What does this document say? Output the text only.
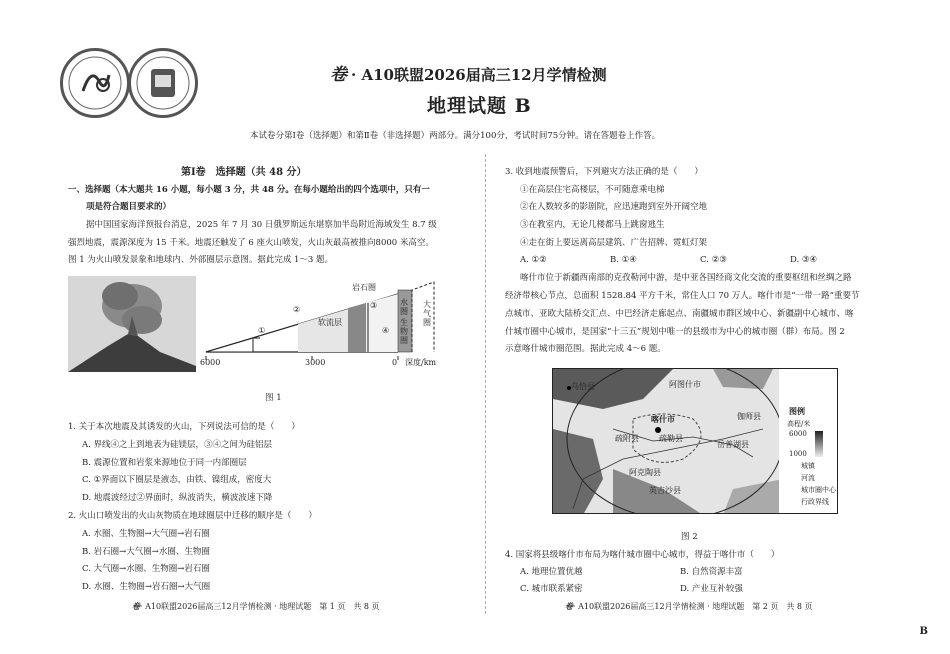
卷 · A10联盟2026届高三12月学情检测
地理试题 B
本试卷分第Ⅰ卷（选择题）和第Ⅱ卷（非选择题）两部分。满分100分，考试时间75分钟。请在答题卷上作答。
第Ⅰ卷　选择题（共 48 分）
一、选择题（本大题共 16 小题，每小题 3 分，共 48 分。在每小题给出的四个选项中，只有一
项是符合题目要求的）
据中国国家海洋预报台消息，2025 年 7 月 30 日俄罗斯远东堪察加半岛附近海域发生 8.7 级
强烈地震，震源深度为 15 千米。地震还触发了 6 座火山喷发，火山灰最高被推向8000 米高空。
图 1 为火山喷发景象和地球内、外部圈层示意图。据此完成 1～3 题。
①
②	③
④
岩石圈
软流层
水圈
生物圈
大气圈
6000	3000	0 深度/km
图 1
1. 关于本次地震及其诱发的火山，下列说法可信的是（　　）
A. 界线④之上到地表为硅镁层，③④之间为硅铝层
B. 震源位置和岩浆来源地位于同一内部圈层
C. ①界面以下圈层是液态，由铁、镍组成，密度大
D. 地震波经过②界面时，纵波消失，横波波速下降
2. 火山口喷发出的火山灰物质在地球圈层中迁移的顺序是（　　）
A. 水圈、生物圈→大气圈→岩石圈
B. 岩石圈→大气圈→水圈、生物圈
C. 大气圈→水圈、生物圈→岩石圈
D. 水圈、生物圈→岩石圈→大气圈
卷· A10联盟2026届高三12月学情检测 · 地理试题　第 1 页　共 8 页
3. 收到地震预警后，下列避灾方法正确的是（　　）
①在高层住宅高楼层，不可随意乘电梯
②在人数较多的影剧院，应迅速跑到室外开阔空地
③在教室内，无论几楼都马上跳窗逃生
④走在街上要远离高层建筑、广告招牌、霓虹灯架
A. ①②	B. ①④	C. ②③	D. ③④
喀什市位于新疆西南部的克孜勒河中游，是中亚各国经商文化交流的重要枢纽和丝绸之路
经济带核心节点，总面积 1528.84 平方千米，常住人口 70 万人。喀什市是“一带一路”重要节
点城市、亚欧大陆桥交汇点、中巴经济走廊起点、南疆城市群区域中心、新疆副中心城市、喀
什城市圈中心城市，是国家“十三五”规划中唯一的县级市为中心的城市圈（群）布局。图 2
示意喀什城市圈范围。据此完成 4～6 题。
乌恰县	阿图什市
喀什市	伽师县
疏附县	疏勒县
岳普湖县
阿克陶县
英吉沙县
图例
高程/米
6000
1000
城镇
河流
城市圈中心
行政界线
图 2
4. 国家将县级喀什市布局为喀什城市圈中心城市，得益于喀什市（　　）
A. 地理位置优越	B. 自然资源丰富
C. 城市联系紧密	D. 产业互补较强
卷· A10联盟2026届高三12月学情检测 · 地理试题　第 2 页　共 8 页
B
